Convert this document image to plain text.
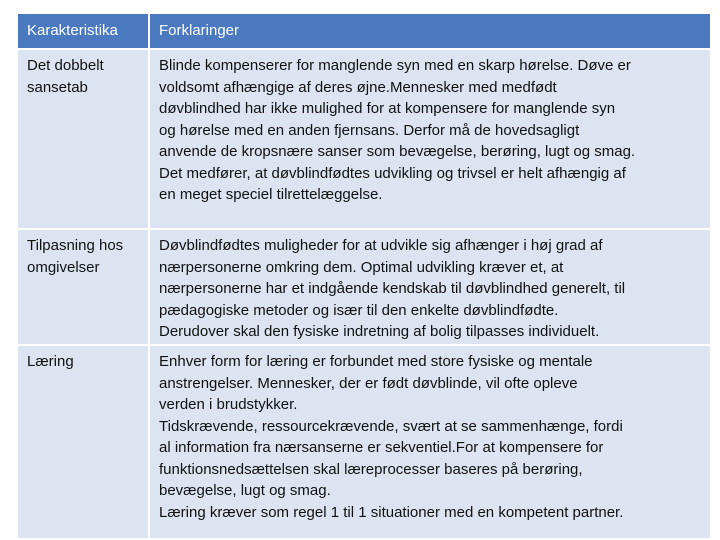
Karakteristika	Forklaringer
Det dobbelt
sansetab
Blinde kompenserer for manglende syn med en skarp hørelse. Døve er
voldsomt afhængige af deres øjne.Mennesker med medfødt
døvblindhed har ikke mulighed for at kompensere for manglende syn
og hørelse med en anden fjernsans. Derfor må de hovedsagligt
anvende de kropsnære sanser som bevægelse, berøring, lugt og smag.
Det medfører, at døvblindfødtes udvikling og trivsel er helt afhængig af
en meget speciel tilrettelæggelse.
Tilpasning hos
omgivelser
Døvblindfødtes muligheder for at udvikle sig afhænger i høj grad af
nærpersonerne omkring dem. Optimal udvikling kræver et, at
nærpersonerne har et indgående kendskab til døvblindhed generelt, til
pædagogiske metoder og især til den enkelte døvblindfødte.
Derudover skal den fysiske indretning af bolig tilpasses individuelt.
Læring	Enhver form for læring er forbundet med store fysiske og mentale
anstrengelser. Mennesker, der er født døvblinde, vil ofte opleve
verden i brudstykker.
Tidskrævende, ressourcekrævende, svært at se sammenhænge, fordi
al information fra nærsanserne er sekventiel.For at kompensere for
funktionsnedsættelsen skal læreprocesser baseres på berøring,
bevægelse, lugt og smag.
Læring kræver som regel 1 til 1 situationer med en kompetent partner.
